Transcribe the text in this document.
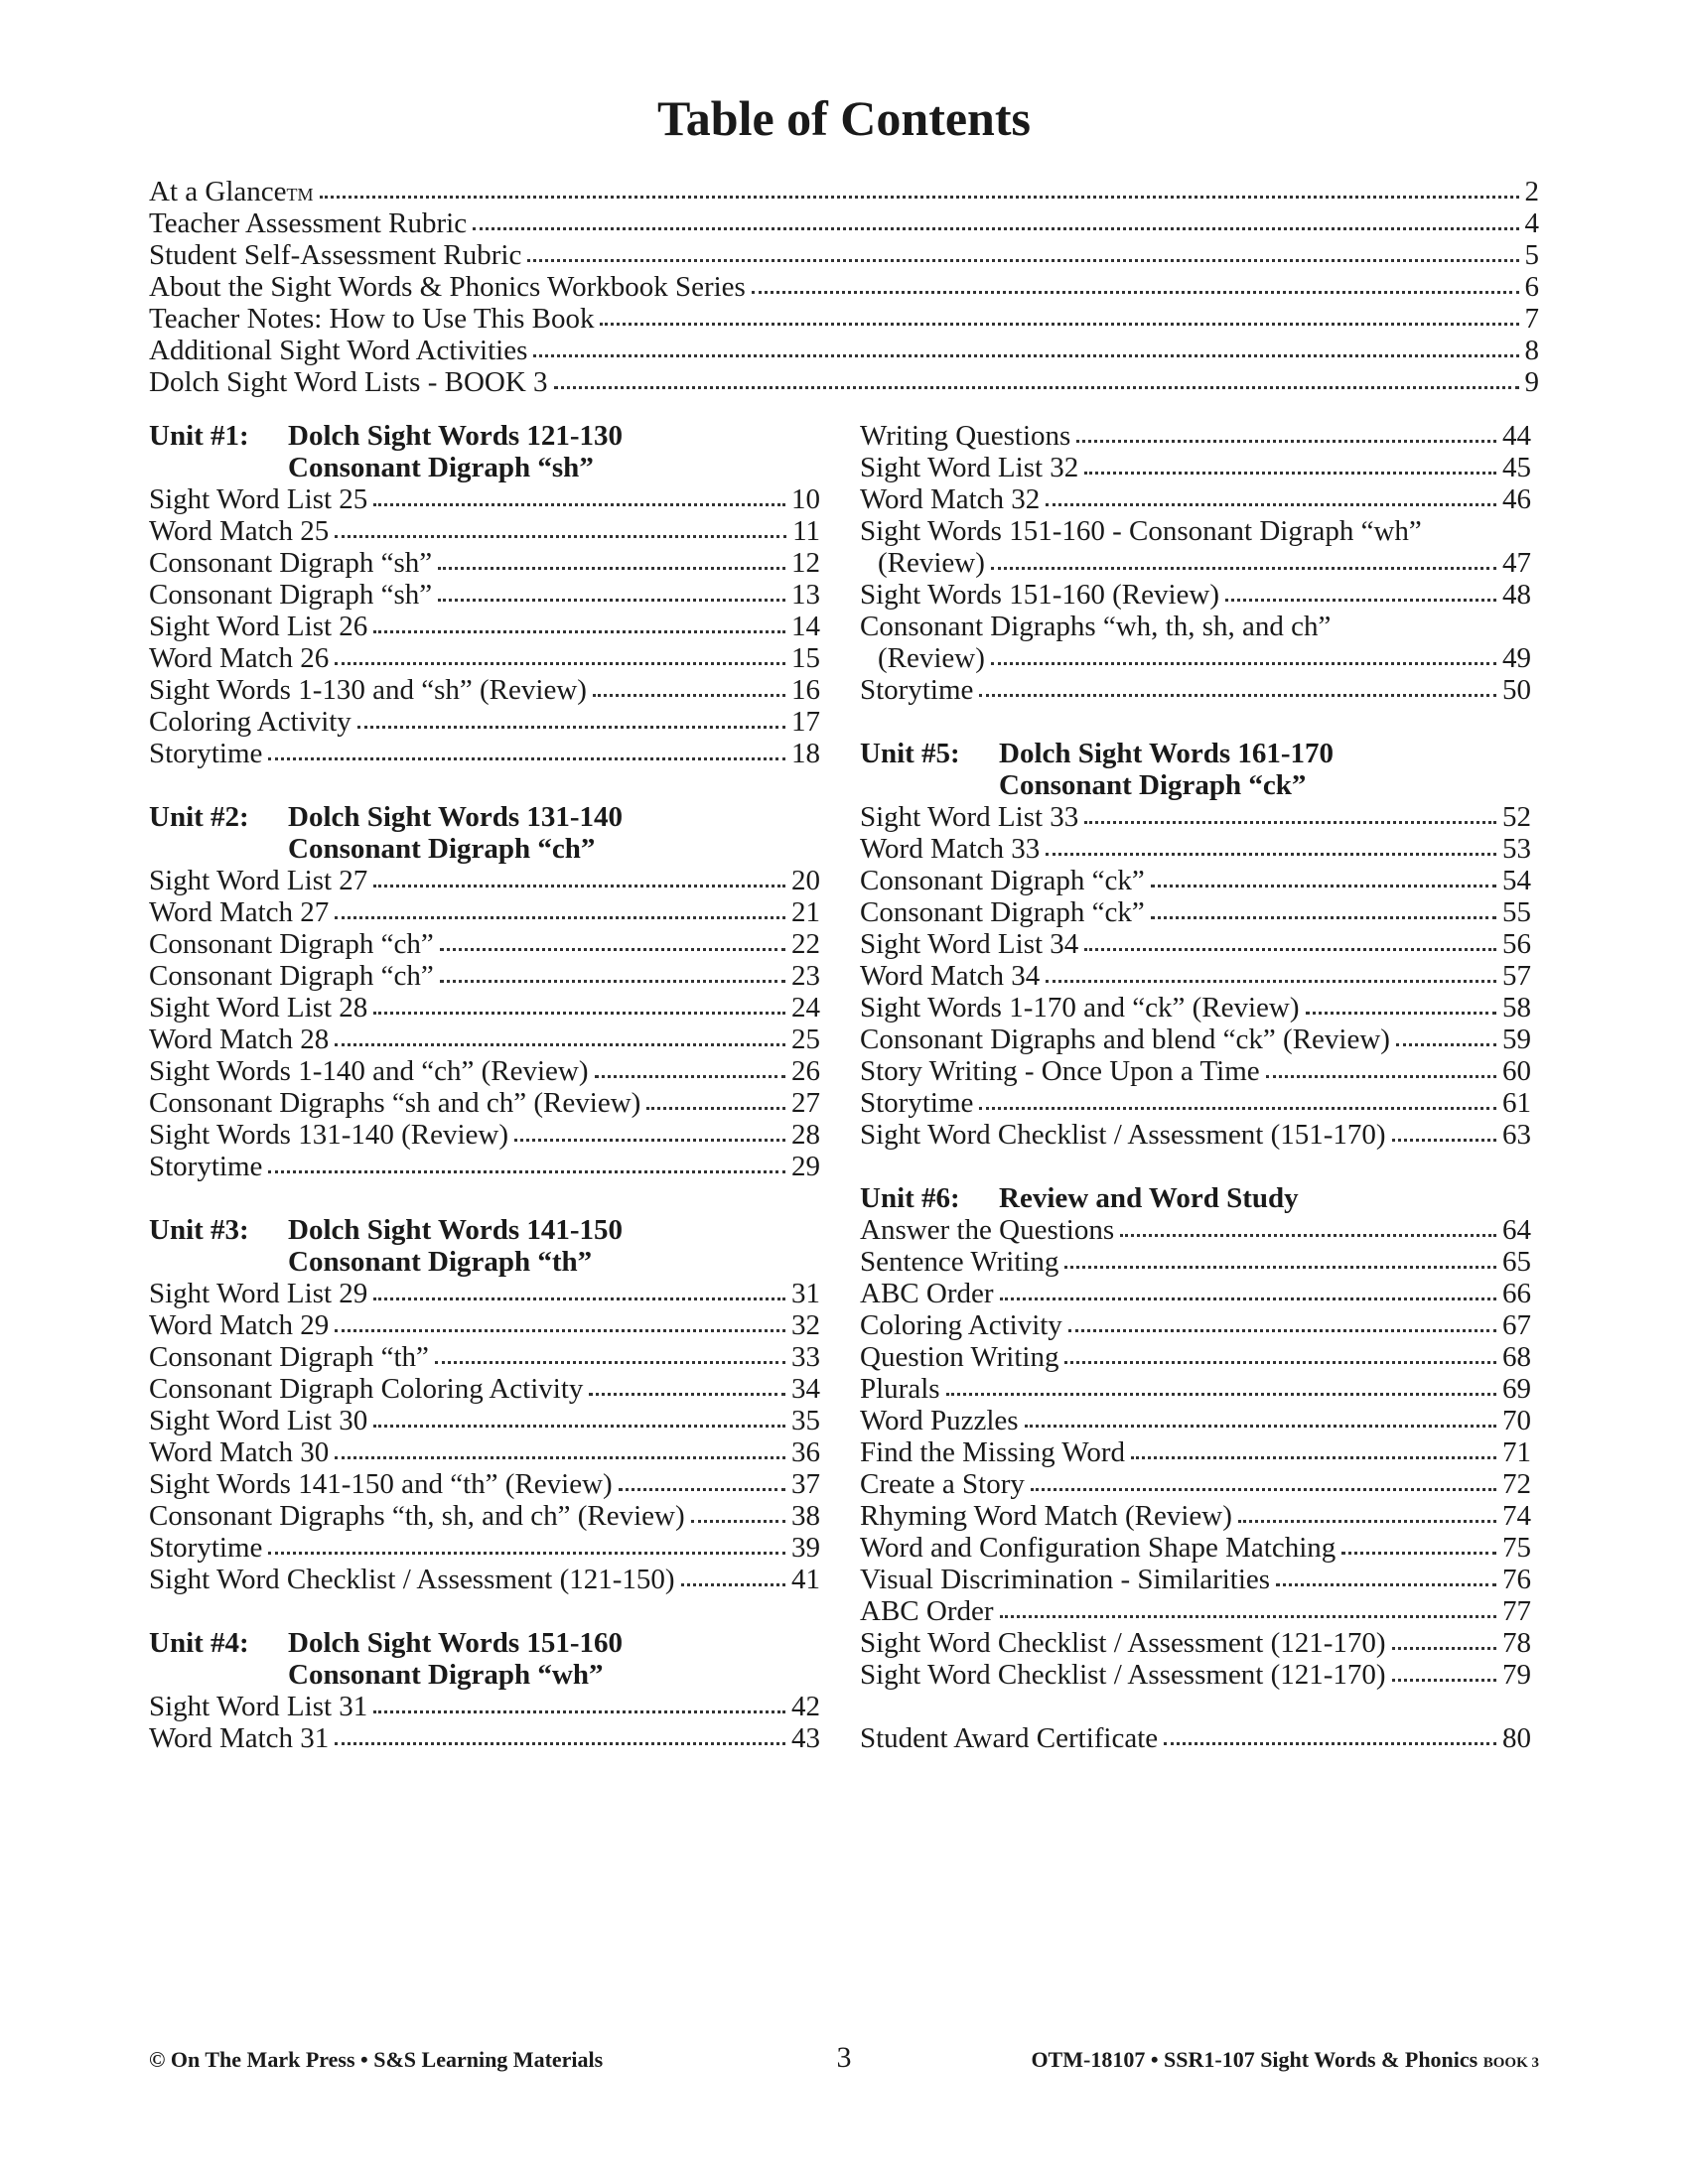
Table of Contents
At a Glance TM	2
Teacher Assessment Rubric	4
Student Self-Assessment Rubric	5
About the Sight Words & Phonics Workbook Series	6
Teacher Notes: How to Use This Book	7
Additional Sight Word Activities	8
Dolch Sight Word Lists - BOOK 3	9
Unit #1:	Dolch Sight Words 121-130
Consonant Digraph “sh”
Sight Word List 25	10
Word Match 25	11
Consonant Digraph “sh”	12
Consonant Digraph “sh”	13
Sight Word List 26	14
Word Match 26	15
Sight Words 1-130 and “sh” (Review)	16
Coloring Activity	17
Storytime	18
Unit #2:	Dolch Sight Words 131-140
Consonant Digraph “ch”
Sight Word List 27	20
Word Match 27	21
Consonant Digraph “ch”	22
Consonant Digraph “ch”	23
Sight Word List 28	24
Word Match 28	25
Sight Words 1-140 and “ch” (Review)	26
Consonant Digraphs “sh and ch” (Review)	27
Sight Words 131-140 (Review)	28
Storytime	29
Unit #3:	Dolch Sight Words 141-150
Consonant Digraph “th”
Sight Word List 29	31
Word Match 29	32
Consonant Digraph “th”	33
Consonant Digraph Coloring Activity	34
Sight Word List 30	35
Word Match 30	36
Sight Words 141-150 and “th” (Review)	37
Consonant Digraphs “th, sh, and ch” (Review)	38
Storytime	39
Sight Word Checklist / Assessment (121-150)	41
Unit #4:	Dolch Sight Words 151-160
Consonant Digraph “wh”
Sight Word List 31	42
Word Match 31	43
Writing Questions	44
Sight Word List 32	45
Word Match 32	46
Sight Words 151-160 - Consonant Digraph “wh”
(Review)	47
Sight Words 151-160 (Review)	48
Consonant Digraphs “wh, th, sh, and ch”
(Review)	49
Storytime	50
Unit #5:	Dolch Sight Words 161-170
Consonant Digraph “ck”
Sight Word List 33	52
Word Match 33	53
Consonant Digraph “ck”	54
Consonant Digraph “ck”	55
Sight Word List 34	56
Word Match 34	57
Sight Words 1-170 and “ck” (Review)	58
Consonant Digraphs and blend “ck” (Review)	59
Story Writing - Once Upon a Time	60
Storytime	61
Sight Word Checklist / Assessment (151-170)	63
Unit #6:	Review and Word Study
Answer the Questions	64
Sentence Writing	65
ABC Order	66
Coloring Activity	67
Question Writing	68
Plurals	69
Word Puzzles	70
Find the Missing Word	71
Create a Story	72
Rhyming Word Match (Review)	74
Word and Configuration Shape Matching	75
Visual Discrimination - Similarities	76
ABC Order	77
Sight Word Checklist / Assessment (121-170)	78
Sight Word Checklist / Assessment (121-170)	79
Student Award Certificate	80
© On The Mark Press • S&S Learning Materials	3	OTM-18107 • SSR1-107 Sight Words & Phonics BOOK 3
